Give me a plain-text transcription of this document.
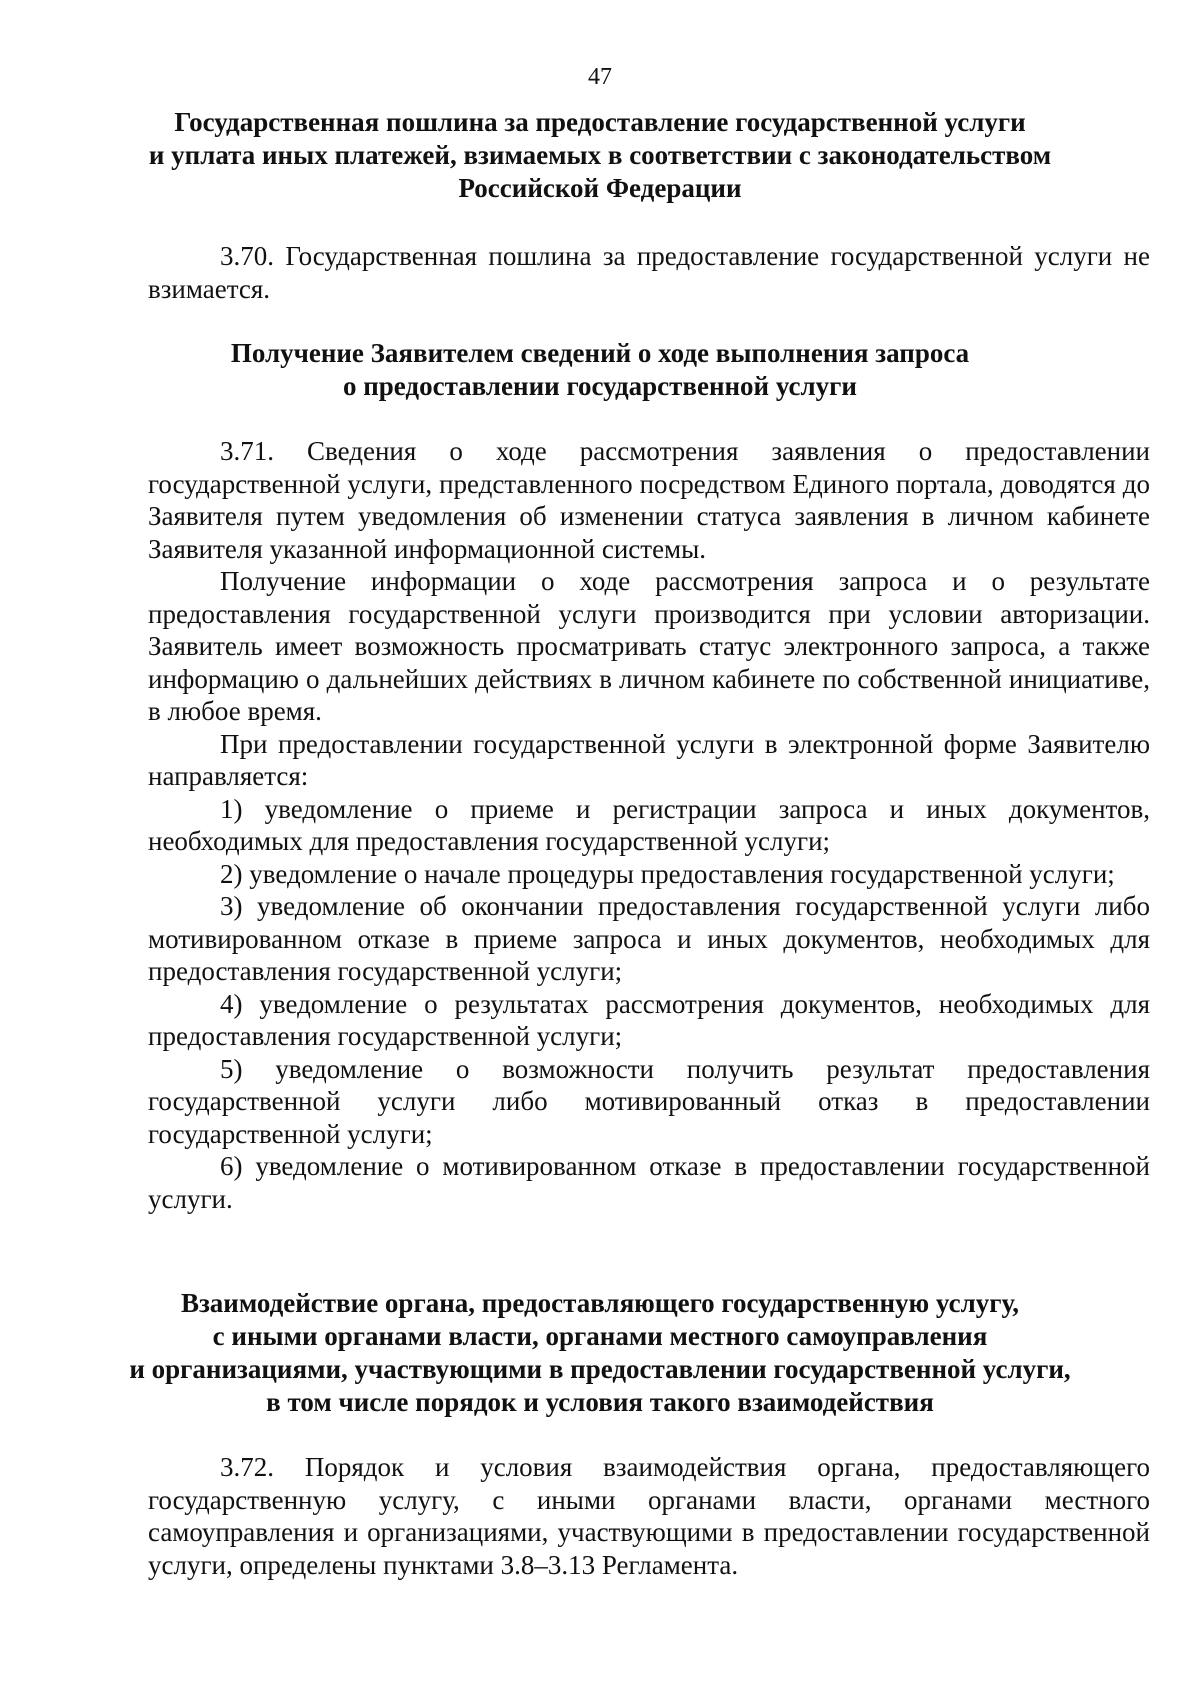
47
Государственная пошлина за предоставление государственной услуги
и уплата иных платежей, взимаемых в соответствии с законодательством
Российской Федерации

3.70. Государственная пошлина за предоставление государственной услуги не взимается.

Получение Заявителем сведений о ходе выполнения запроса
о предоставлении государственной услуги

3.71. Сведения о ходе рассмотрения заявления о предоставлении государственной услуги, представленного посредством Единого портала, доводятся до Заявителя путем уведомления об изменении статуса заявления в личном кабинете Заявителя указанной информационной системы.

Получение информации о ходе рассмотрения запроса и о результате предоставления государственной услуги производится при условии авторизации. Заявитель имеет возможность просматривать статус электронного запроса, а также информацию о дальнейших действиях в личном кабинете по собственной инициативе, в любое время.

При предоставлении государственной услуги в электронной форме Заявителю направляется:

1) уведомление о приеме и регистрации запроса и иных документов, необходимых для предоставления государственной услуги;

2) уведомление о начале процедуры предоставления государственной услуги;

3) уведомление об окончании предоставления государственной услуги либо мотивированном отказе в приеме запроса и иных документов, необходимых для предоставления государственной услуги;

4) уведомление о результатах рассмотрения документов, необходимых для предоставления государственной услуги;

5) уведомление о возможности получить результат предоставления государственной услуги либо мотивированный отказ в предоставлении государственной услуги;

6) уведомление о мотивированном отказе в предоставлении государственной услуги.

Взаимодействие органа, предоставляющего государственную услугу,
с иными органами власти, органами местного самоуправления
и организациями, участвующими в предоставлении государственной услуги,
в том числе порядок и условия такого взаимодействия

3.72. Порядок и условия взаимодействия органа, предоставляющего государственную услугу, с иными органами власти, органами местного самоуправления и организациями, участвующими в предоставлении государственной услуги, определены пунктами 3.8–3.13 Регламента.
